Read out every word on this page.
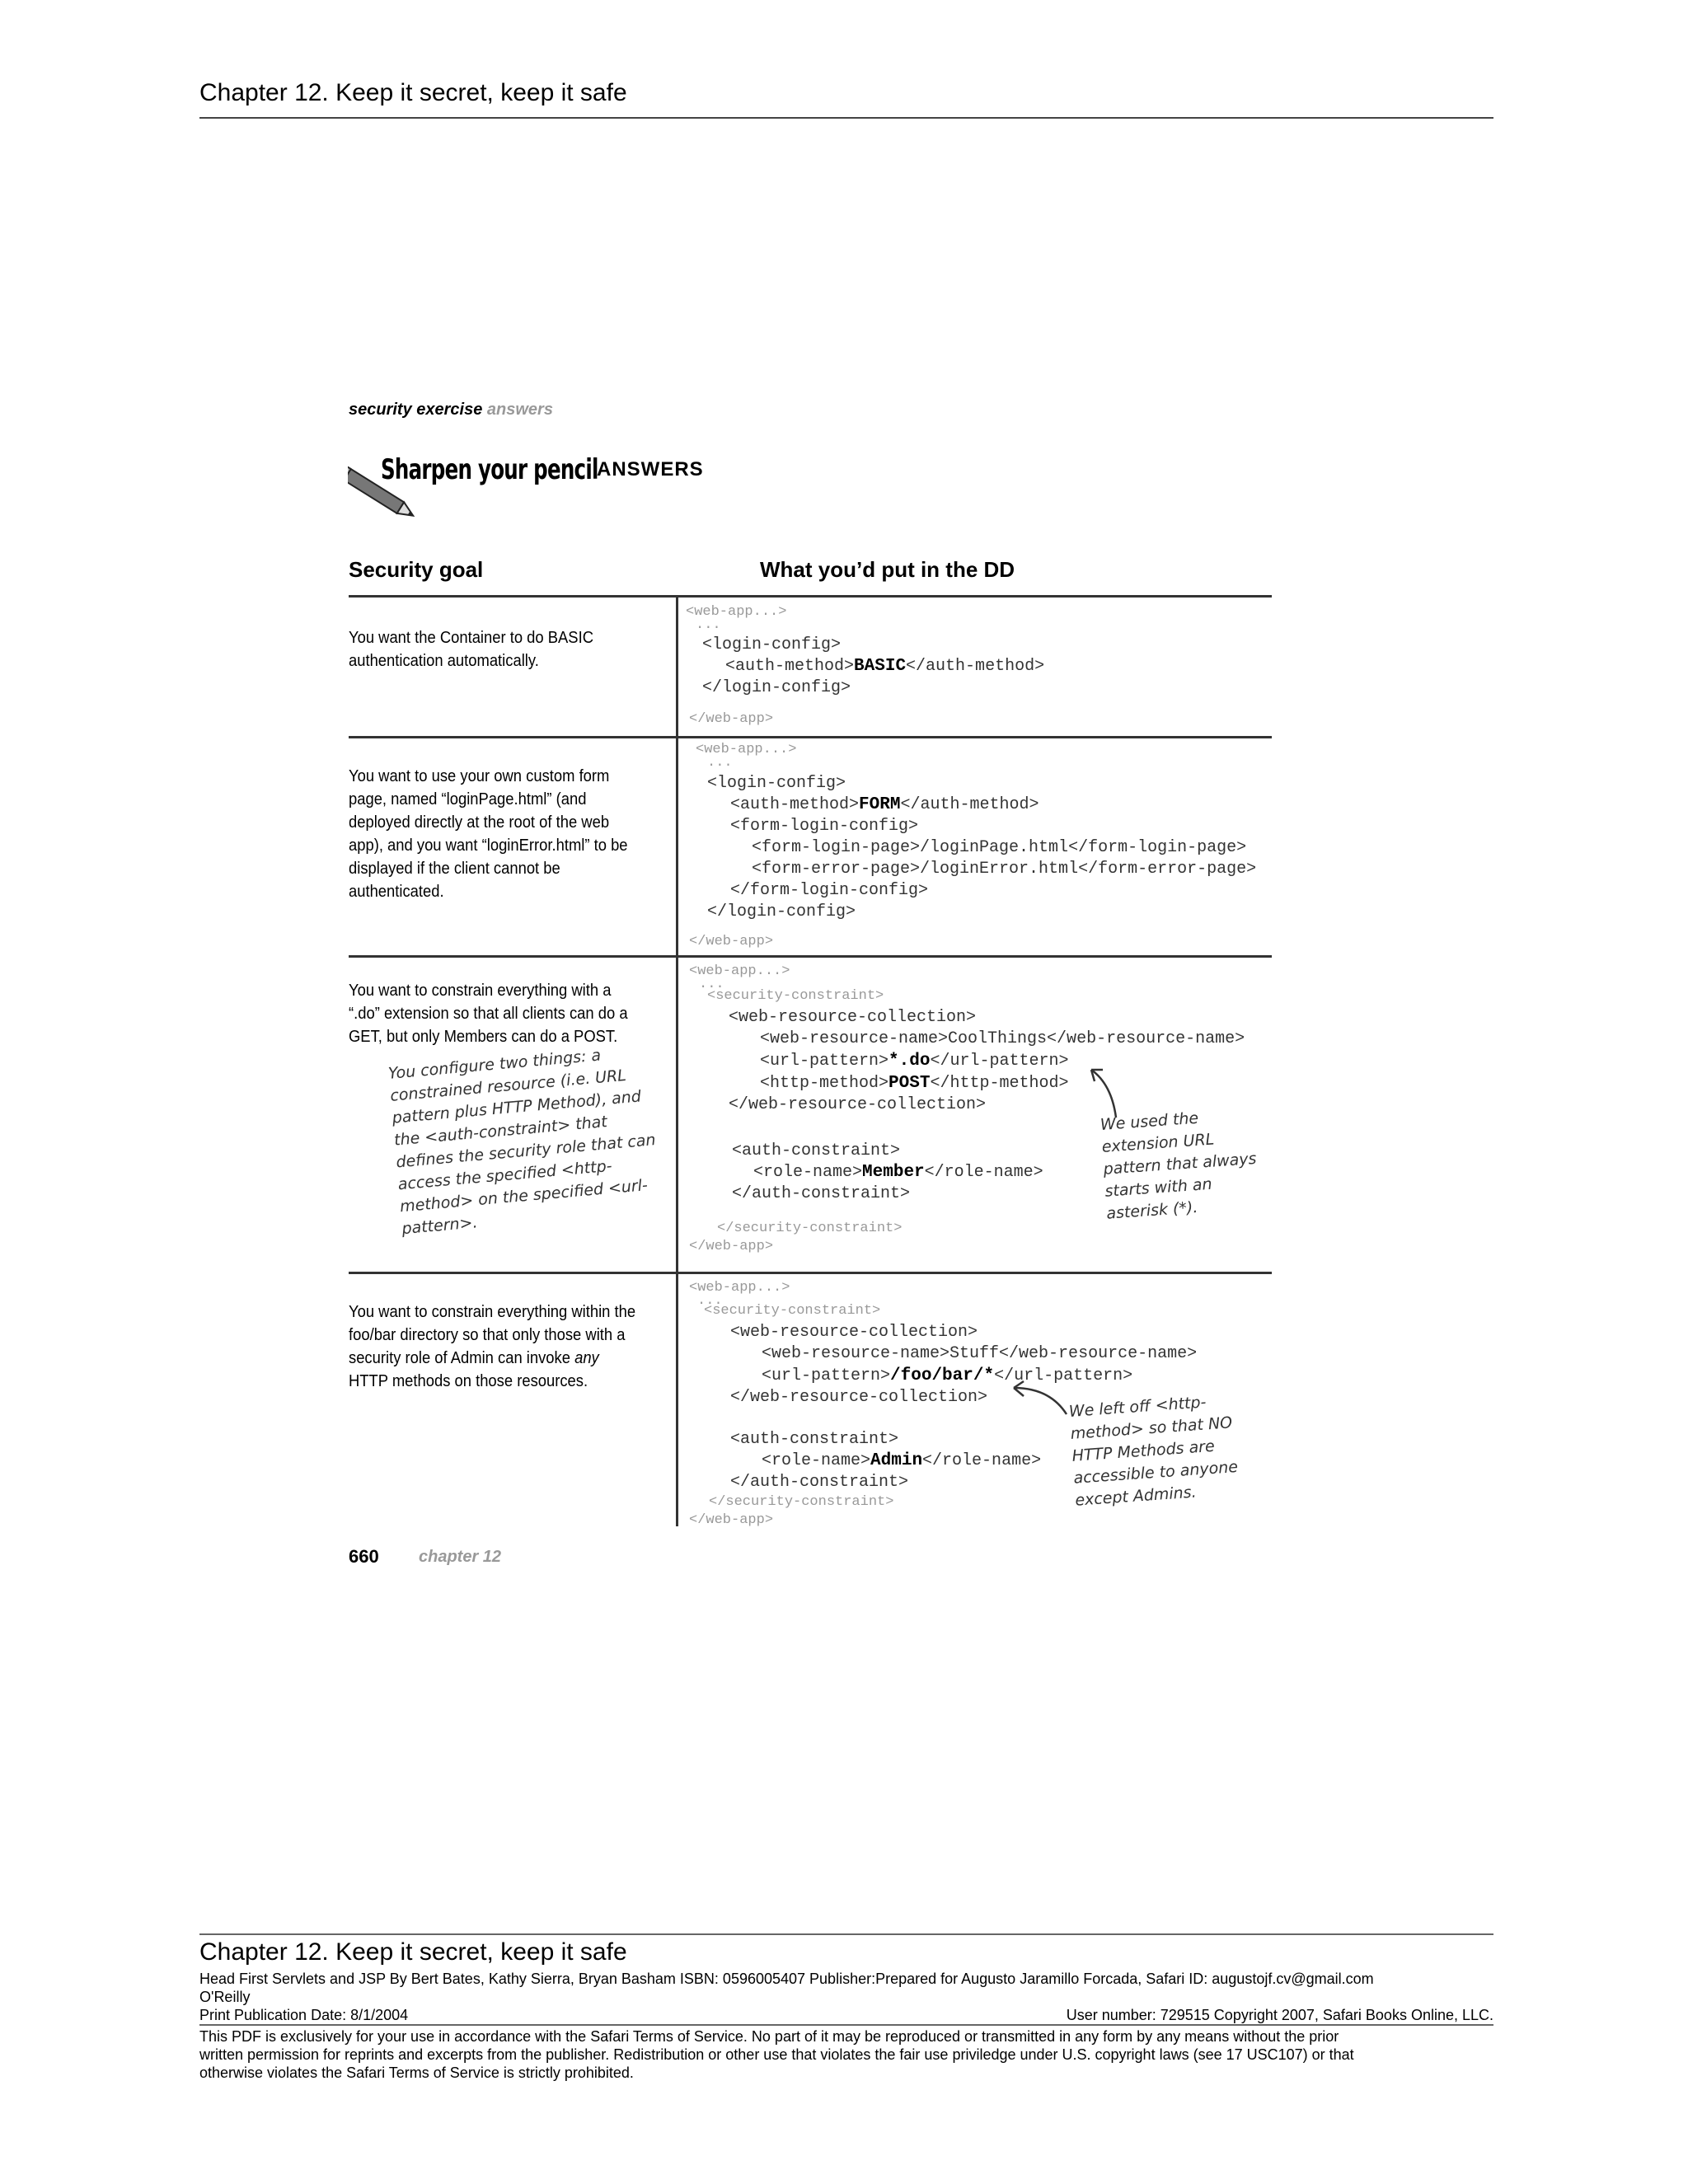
Chapter 12. Keep it secret, keep it safe
security exercise answers
Sharpen your pencil
ANSWERS
Security goal	What you’d put in the DD
You want the Container to do BASIC authentication automatically.
<web-app...>
...
<login-config>
<auth-method>BASIC</auth-method>
</login-config>
</web-app>
You want to use your own custom form page, named “loginPage.html” (and deployed directly at the root of the web app), and you want “loginError.html” to be displayed if the client cannot be authenticated.
<web-app...>
...
<login-config>
<auth-method>FORM</auth-method>
<form-login-config>
<form-login-page>/loginPage.html</form-login-page>
<form-error-page>/loginError.html</form-error-page>
</form-login-config>
</login-config>
</web-app>
You want to constrain everything with a “.do” extension so that all clients can do a GET, but only Members can do a POST.
You configure two things: a constrained resource (i.e. URL pattern plus HTTP Method), and the <auth-constraint> that defines the security role that can access the specified <http-method> on the specified <url-pattern>.
<web-app...>
...
<security-constraint>
<web-resource-collection>
<web-resource-name>CoolThings</web-resource-name>
<url-pattern>*.do</url-pattern>
<http-method>POST</http-method>
</web-resource-collection>
<auth-constraint>
<role-name>Member</role-name>
</auth-constraint>
</security-constraint>
</web-app>
We used the extension URL pattern that always starts with an asterisk (*).
You want to constrain everything within the foo/bar directory so that only those with a security role of Admin can invoke any HTTP methods on those resources.
<web-app...>
...
<security-constraint>
<web-resource-collection>
<web-resource-name>Stuff</web-resource-name>
<url-pattern>/foo/bar/*</url-pattern>
</web-resource-collection>
<auth-constraint>
<role-name>Admin</role-name>
</auth-constraint>
</security-constraint>
</web-app>
We left off <http-method> so that NO HTTP Methods are accessible to anyone except Admins.
660 chapter 12
Chapter 12. Keep it secret, keep it safe
Head First Servlets and JSP By Bert Bates, Kathy Sierra, Bryan Basham ISBN: 0596005407 Publisher:Prepared for Augusto Jaramillo Forcada, Safari ID: augustojf.cv@gmail.com
O'Reilly
Print Publication Date: 8/1/2004	User number: 729515 Copyright 2007, Safari Books Online, LLC.
This PDF is exclusively for your use in accordance with the Safari Terms of Service. No part of it may be reproduced or transmitted in any form by any means without the prior
written permission for reprints and excerpts from the publisher. Redistribution or other use that violates the fair use priviledge under U.S. copyright laws (see 17 USC107) or that
otherwise violates the Safari Terms of Service is strictly prohibited.
